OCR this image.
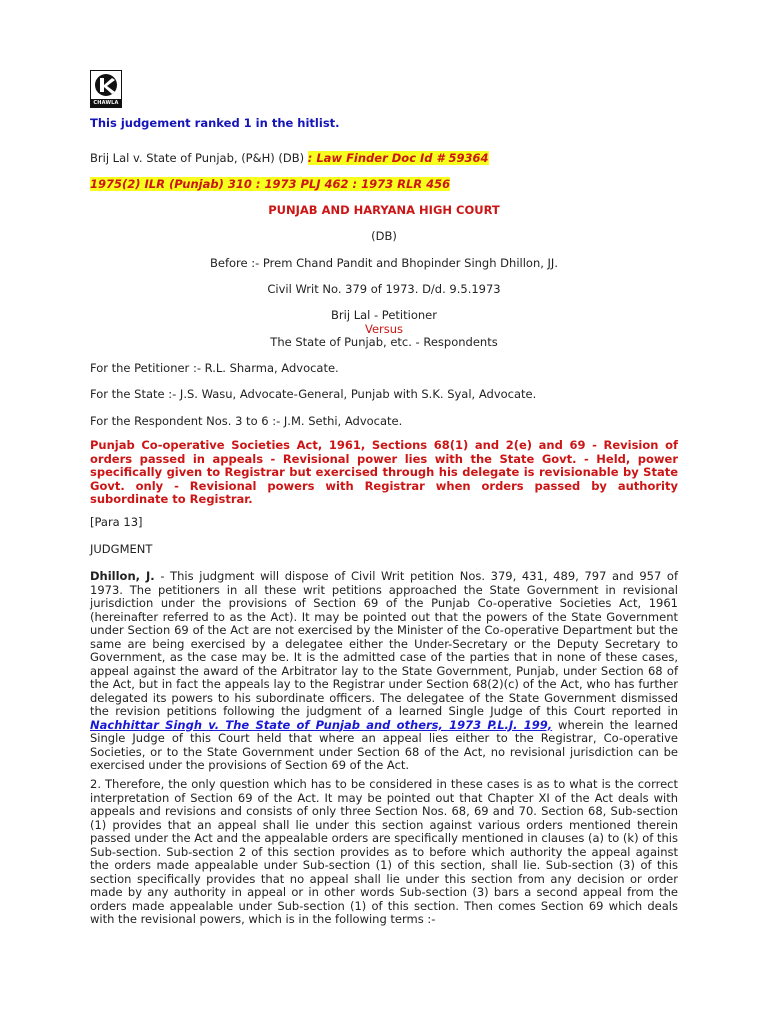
CHAWLA
This judgement ranked 1 in the hitlist.
Brij Lal v. State of Punjab, (P&H) (DB) : Law Finder Doc Id # 59364
1975(2) ILR (Punjab) 310 : 1973 PLJ 462 : 1973 RLR 456
PUNJAB AND HARYANA HIGH COURT
(DB)
Before :- Prem Chand Pandit and Bhopinder Singh Dhillon, JJ.
Civil Writ No. 379 of 1973. D/d. 9.5.1973
Brij Lal - Petitioner
Versus
The State of Punjab, etc. - Respondents
For the Petitioner :- R.L. Sharma, Advocate.
For the State :- J.S. Wasu, Advocate-General, Punjab with S.K. Syal, Advocate.
For the Respondent Nos. 3 to 6 :- J.M. Sethi, Advocate.
Punjab Co-operative Societies Act, 1961, Sections 68(1) and 2(e) and 69 - Revision of orders passed in appeals - Revisional power lies with the State Govt. - Held, power specifically given to Registrar but exercised through his delegate is revisionable by State Govt. only - Revisional powers with Registrar when orders passed by authority subordinate to Registrar.
[Para 13]
JUDGMENT
Dhillon, J. - This judgment will dispose of Civil Writ petition Nos. 379, 431, 489, 797 and 957 of 1973. The petitioners in all these writ petitions approached the State Government in revisional jurisdiction under the provisions of Section 69 of the Punjab Co-operative Societies Act, 1961 (hereinafter referred to as the Act). It may be pointed out that the powers of the State Government under Section 69 of the Act are not exercised by the Minister of the Co-operative Department but the same are being exercised by a delegatee either the Under-Secretary or the Deputy Secretary to Government, as the case may be. It is the admitted case of the parties that in none of these cases, appeal against the award of the Arbitrator lay to the State Government, Punjab, under Section 68 of the Act, but in fact the appeals lay to the Registrar under Section 68(2)(c) of the Act, who has further delegated its powers to his subordinate officers. The delegatee of the State Government dismissed the revision petitions following the judgment of a learned Single Judge of this Court reported in Nachhittar Singh v. The State of Punjab and others, 1973 P.L.J. 199, wherein the learned Single Judge of this Court held that where an appeal lies either to the Registrar, Co-operative Societies, or to the State Government under Section 68 of the Act, no revisional jurisdiction can be exercised under the provisions of Section 69 of the Act.
2. Therefore, the only question which has to be considered in these cases is as to what is the correct interpretation of Section 69 of the Act. It may be pointed out that Chapter XI of the Act deals with appeals and revisions and consists of only three Section Nos. 68, 69 and 70. Section 68, Sub-section (1) provides that an appeal shall lie under this section against various orders mentioned therein passed under the Act and the appealable orders are specifically mentioned in clauses (a) to (k) of this Sub-section. Sub-section 2 of this section provides as to before which authority the appeal against the orders made appealable under Sub-section (1) of this section, shall lie. Sub-section (3) of this section specifically provides that no appeal shall lie under this section from any decision or order made by any authority in appeal or in other words Sub-section (3) bars a second appeal from the orders made appealable under Sub-section (1) of this section. Then comes Section 69 which deals with the revisional powers, which is in the following terms :-
